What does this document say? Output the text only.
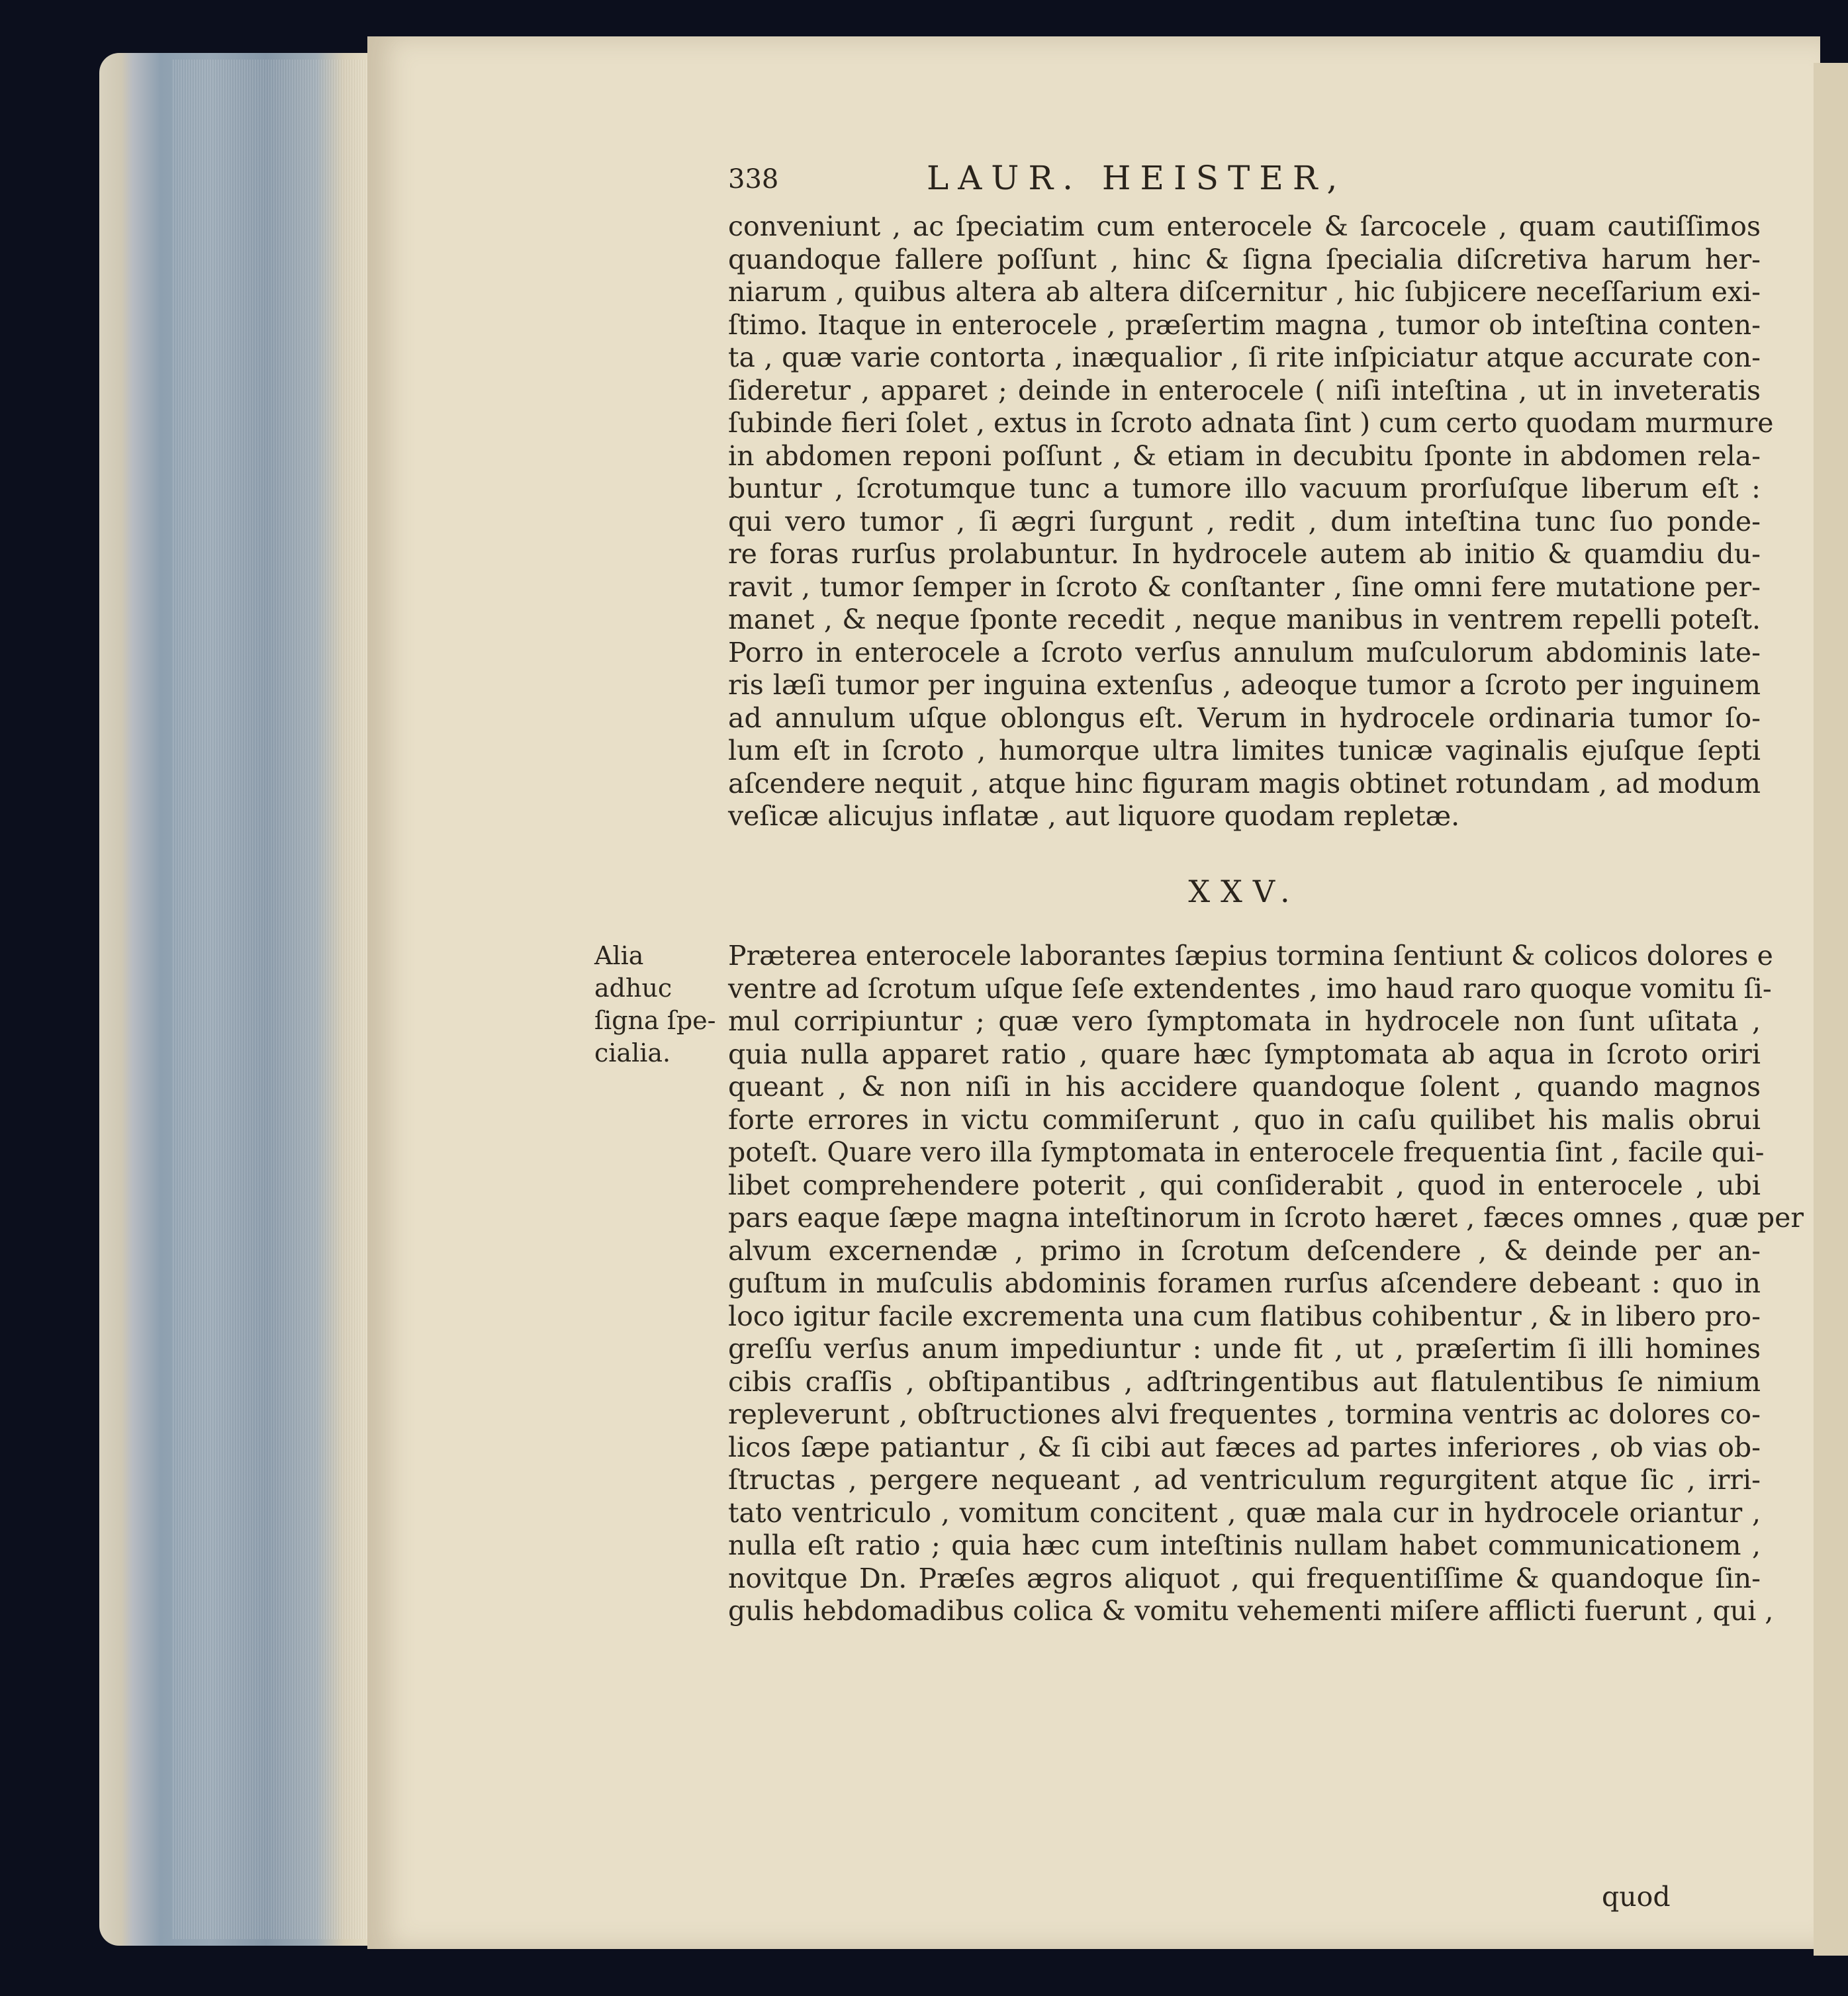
338	LAUR. HEISTER,
conveniunt , ac ſpeciatim cum enterocele & ſarcocele , quam cautiſſimos
quandoque fallere poſſunt , hinc & ſigna ſpecialia diſcretiva harum her-
niarum , quibus altera ab altera diſcernitur , hic ſubjicere neceſſarium exi-
ſtimo. Itaque in enterocele , præſertim magna , tumor ob inteſtina conten-
ta , quæ varie contorta , inæqualior , ſi rite inſpiciatur atque accurate con-
ſideretur , apparet ; deinde in enterocele ( niſi inteſtina , ut in inveteratis
ſubinde fieri ſolet , extus in ſcroto adnata ſint ) cum certo quodam murmure
in abdomen reponi poſſunt , & etiam in decubitu ſponte in abdomen rela-
buntur , ſcrotumque tunc a tumore illo vacuum prorſuſque liberum eſt :
qui vero tumor , ſi ægri ſurgunt , redit , dum inteſtina tunc ſuo ponde-
re foras rurſus prolabuntur. In hydrocele autem ab initio & quamdiu du-
ravit , tumor ſemper in ſcroto & conſtanter , ſine omni fere mutatione per-
manet , & neque ſponte recedit , neque manibus in ventrem repelli poteſt.
Porro in enterocele a ſcroto verſus annulum muſculorum abdominis late-
ris læſi tumor per inguina extenſus , adeoque tumor a ſcroto per inguinem
ad annulum uſque oblongus eſt. Verum in hydrocele ordinaria tumor ſo-
lum eſt in ſcroto , humorque ultra limites tunicæ vaginalis ejuſque ſepti
aſcendere nequit , atque hinc figuram magis obtinet rotundam , ad modum
veſicæ alicujus inflatæ , aut liquore quodam repletæ.
XXV.
Alia adhuc
ſigna ſpe-
cialia.
Præterea enterocele laborantes ſæpius tormina ſentiunt & colicos dolores e
ventre ad ſcrotum uſque ſeſe extendentes , imo haud raro quoque vomitu ſi-
mul corripiuntur ; quæ vero ſymptomata in hydrocele non ſunt uſitata ,
quia nulla apparet ratio , quare hæc ſymptomata ab aqua in ſcroto oriri
queant , & non niſi in his accidere quandoque ſolent , quando magnos
forte errores in victu commiſerunt , quo in caſu quilibet his malis obrui
poteſt. Quare vero illa ſymptomata in enterocele frequentia ſint , facile qui-
libet comprehendere poterit , qui conſiderabit , quod in enterocele , ubi
pars eaque ſæpe magna inteſtinorum in ſcroto hæret , fæces omnes , quæ per
alvum excernendæ , primo in ſcrotum deſcendere , & deinde per an-
guſtum in muſculis abdominis foramen rurſus aſcendere debeant : quo in
loco igitur facile excrementa una cum flatibus cohibentur , & in libero pro-
greſſu verſus anum impediuntur : unde fit , ut , præſertim ſi illi homines
cibis craſſis , obſtipantibus , adſtringentibus aut flatulentibus ſe nimium
repleverunt , obſtructiones alvi frequentes , tormina ventris ac dolores co-
licos ſæpe patiantur , & ſi cibi aut fæces ad partes inferiores , ob vias ob-
ſtructas , pergere nequeant , ad ventriculum regurgitent atque ſic , irri-
tato ventriculo , vomitum concitent , quæ mala cur in hydrocele oriantur ,
nulla eſt ratio ; quia hæc cum inteſtinis nullam habet communicationem ,
novitque Dn. Præſes ægros aliquot , qui frequentiſſime & quandoque ſin-
gulis hebdomadibus colica & vomitu vehementi miſere afflicti fuerunt , qui ,
quod
